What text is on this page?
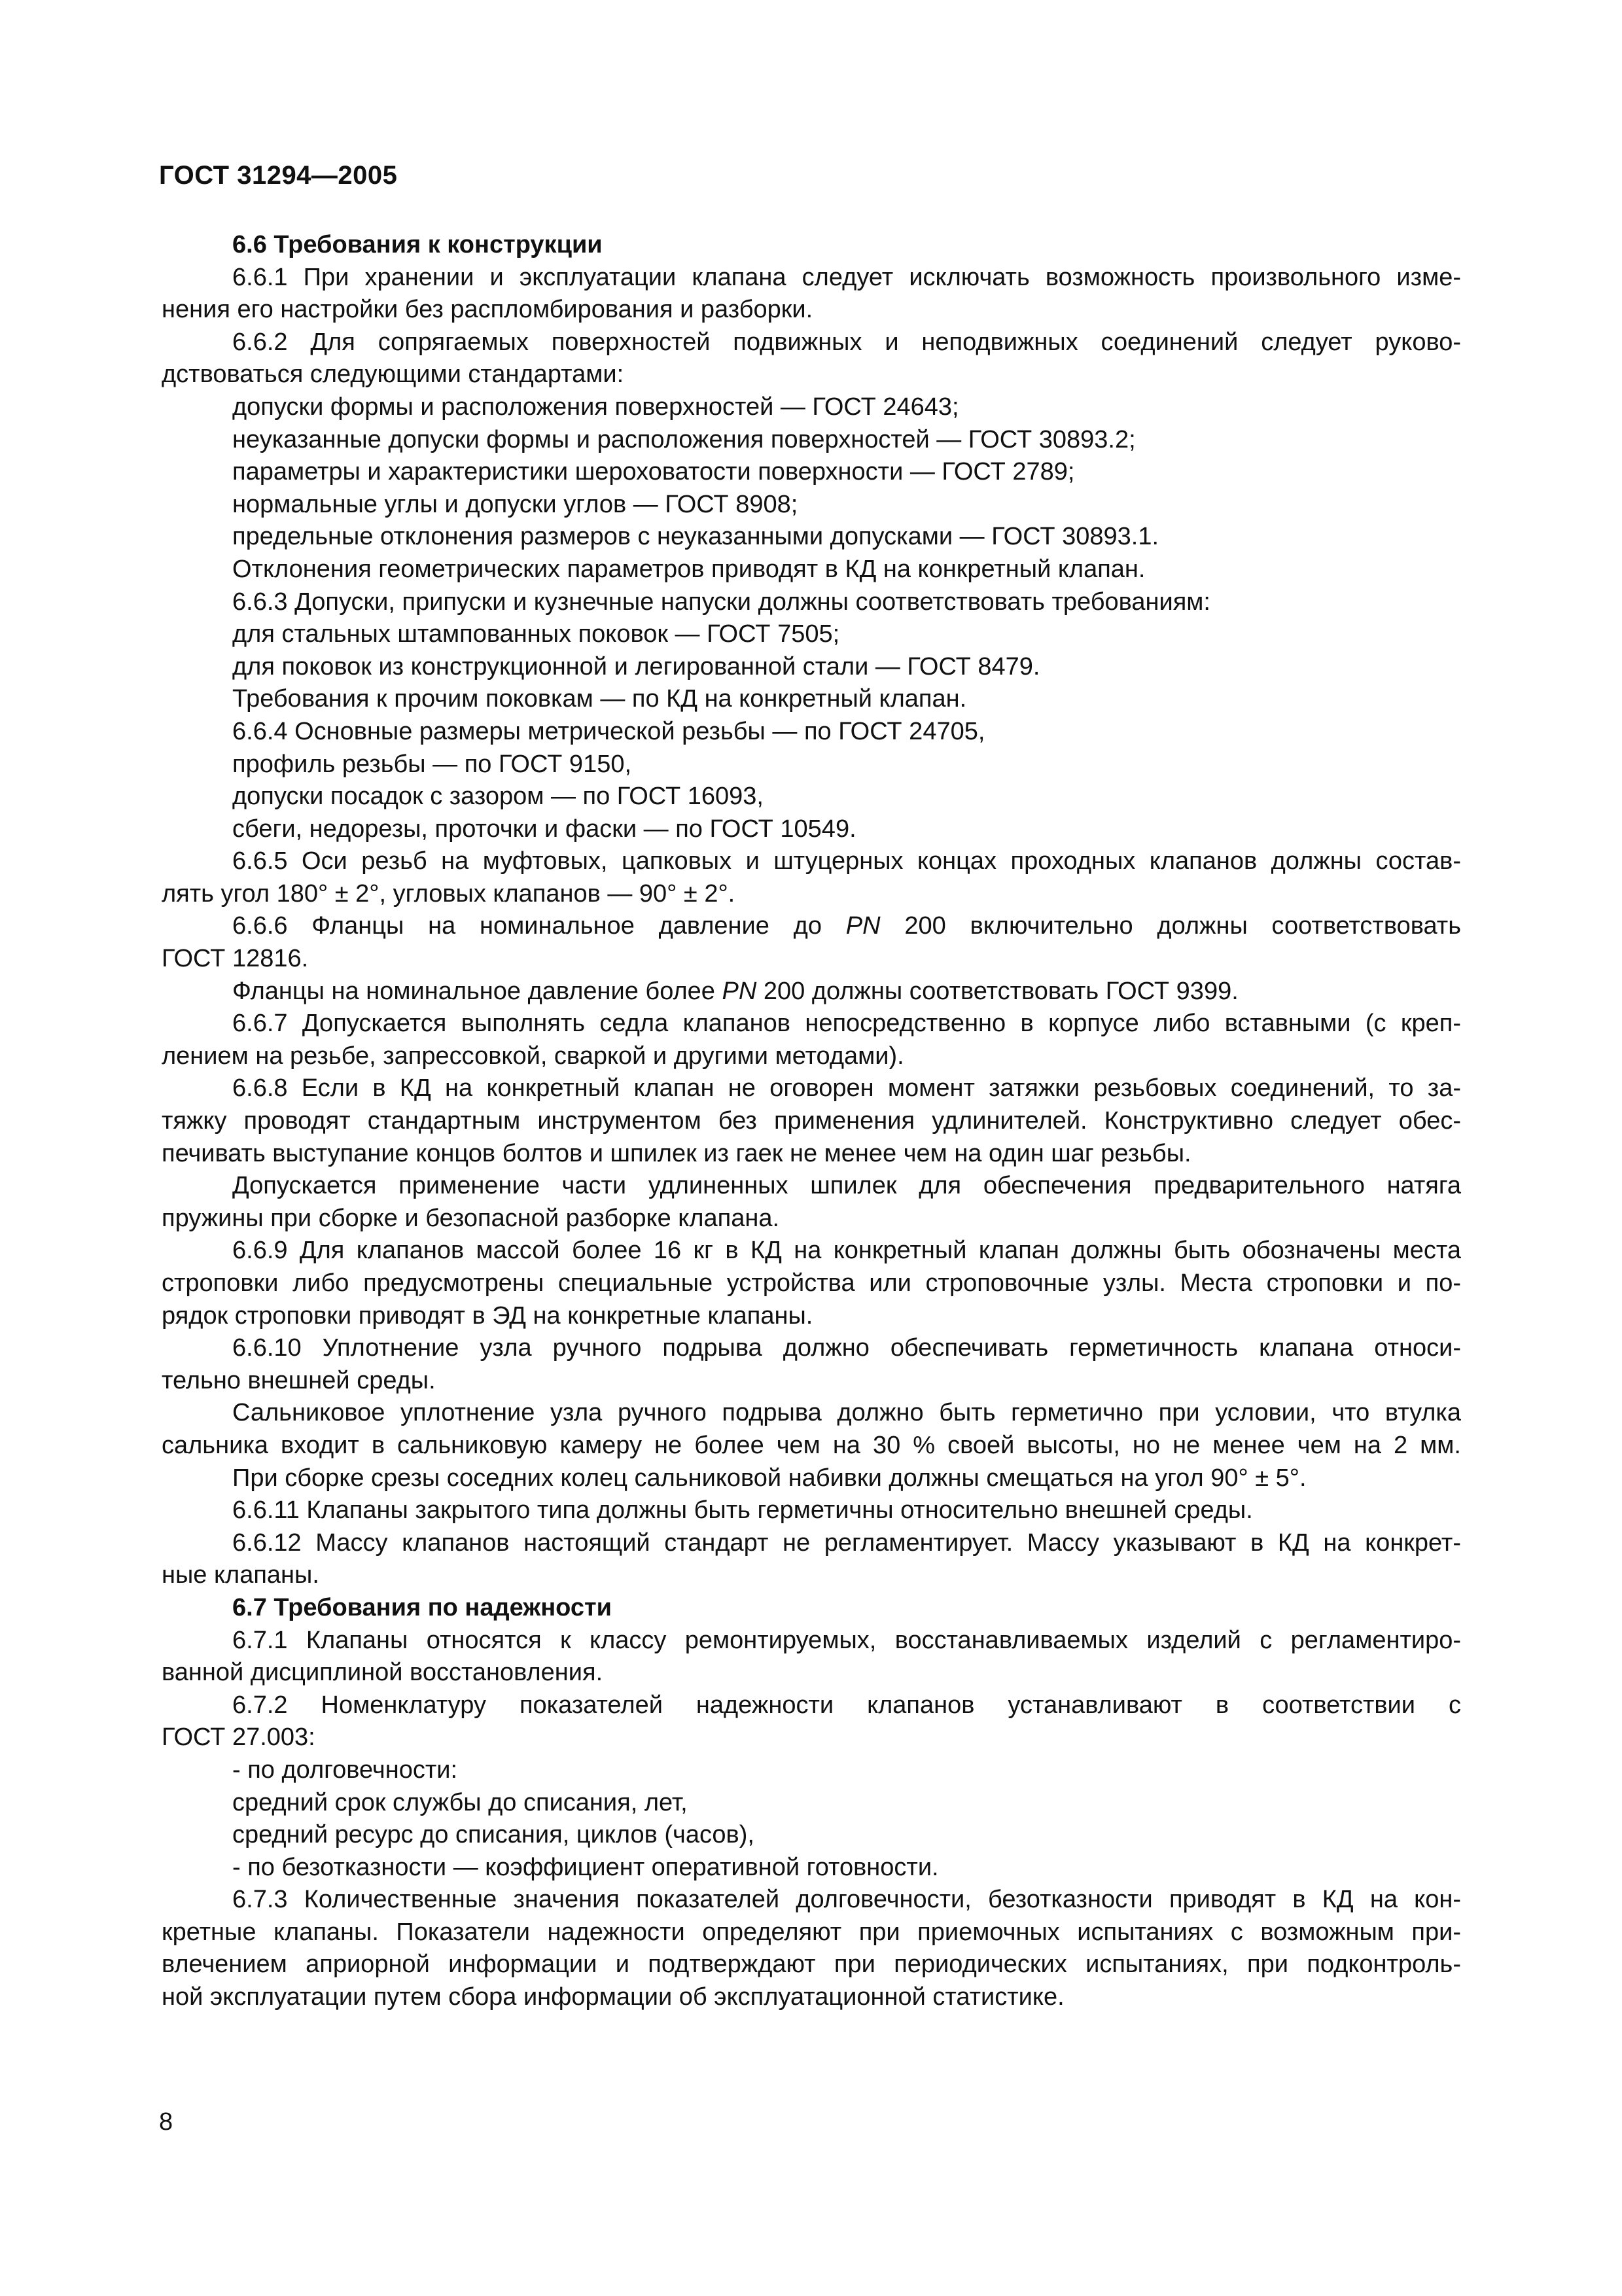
ГОСТ 31294—2005
6.6 Требования к конструкции
6.6.1 При хранении и эксплуатации клапана следует исключать возможность произвольного изме-
нения его настройки без распломбирования и разборки.
6.6.2 Для сопрягаемых поверхностей подвижных и неподвижных соединений следует руково-
дствоваться следующими стандартами:
допуски формы и расположения поверхностей — ГОСТ 24643;
неуказанные допуски формы и расположения поверхностей — ГОСТ 30893.2;
параметры и характеристики шероховатости поверхности — ГОСТ 2789;
нормальные углы и допуски углов — ГОСТ 8908;
предельные отклонения размеров с неуказанными допусками — ГОСТ 30893.1.
Отклонения геометрических параметров приводят в КД на конкретный клапан.
6.6.3 Допуски, припуски и кузнечные напуски должны соответствовать требованиям:
для стальных штампованных поковок — ГОСТ 7505;
для поковок из конструкционной и легированной стали — ГОСТ 8479.
Требования к прочим поковкам — по КД на конкретный клапан.
6.6.4 Основные размеры метрической резьбы — по ГОСТ 24705,
профиль резьбы — по ГОСТ 9150,
допуски посадок с зазором — по ГОСТ 16093,
сбеги, недорезы, проточки и фаски — по ГОСТ 10549.
6.6.5 Оси резьб на муфтовых, цапковых и штуцерных концах проходных клапанов должны состав-
лять угол 180° ± 2°, угловых клапанов — 90° ± 2°.
6.6.6 Фланцы на номинальное давление до PN 200 включительно должны соответствовать
ГОСТ 12816.
Фланцы на номинальное давление более PN 200 должны соответствовать ГОСТ 9399.
6.6.7 Допускается выполнять седла клапанов непосредственно в корпусе либо вставными (с креп-
лением на резьбе, запрессовкой, сваркой и другими методами).
6.6.8 Если в КД на конкретный клапан не оговорен момент затяжки резьбовых соединений, то за-
тяжку проводят стандартным инструментом без применения удлинителей. Конструктивно следует обес-
печивать выступание концов болтов и шпилек из гаек не менее чем на один шаг резьбы.
Допускается применение части удлиненных шпилек для обеспечения предварительного натяга
пружины при сборке и безопасной разборке клапана.
6.6.9 Для клапанов массой более 16 кг в КД на конкретный клапан должны быть обозначены места
строповки либо предусмотрены специальные устройства или строповочные узлы. Места строповки и по-
рядок строповки приводят в ЭД на конкретные клапаны.
6.6.10 Уплотнение узла ручного подрыва должно обеспечивать герметичность клапана относи-
тельно внешней среды.
Сальниковое уплотнение узла ручного подрыва должно быть герметично при условии, что втулка
сальника входит в сальниковую камеру не более чем на 30 % своей высоты, но не менее чем на 2 мм.
При сборке срезы соседних колец сальниковой набивки должны смещаться на угол 90° ± 5°.
6.6.11 Клапаны закрытого типа должны быть герметичны относительно внешней среды.
6.6.12 Массу клапанов настоящий стандарт не регламентирует. Массу указывают в КД на конкрет-
ные клапаны.
6.7 Требования по надежности
6.7.1 Клапаны относятся к классу ремонтируемых, восстанавливаемых изделий с регламентиро-
ванной дисциплиной восстановления.
6.7.2 Номенклатуру показателей надежности клапанов устанавливают в соответствии с
ГОСТ 27.003:
- по долговечности:
средний срок службы до списания, лет,
средний ресурс до списания, циклов (часов),
- по безотказности — коэффициент оперативной готовности.
6.7.3 Количественные значения показателей долговечности, безотказности приводят в КД на кон-
кретные клапаны. Показатели надежности определяют при приемочных испытаниях с возможным при-
влечением априорной информации и подтверждают при периодических испытаниях, при подконтроль-
ной эксплуатации путем сбора информации об эксплуатационной статистике.
8
